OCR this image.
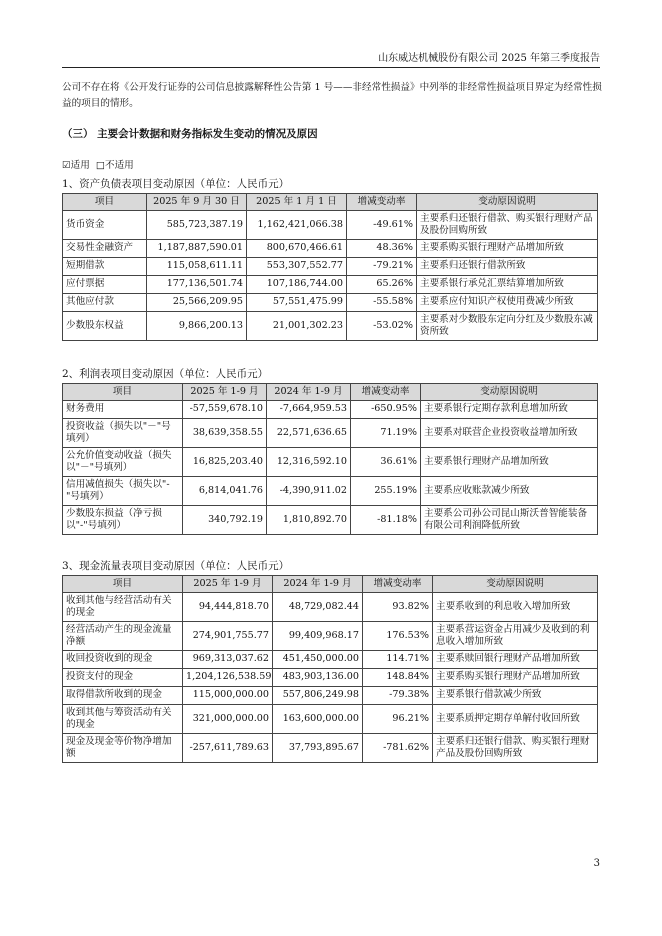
山东威达机械股份有限公司 2025 年第三季度报告
公司不存在将《公开发行证券的公司信息披露解释性公告第 1 号——非经常性损益》中列举的非经常性损益项目界定为经常性损益的项目的情形。
（三） 主要会计数据和财务指标发生变动的情况及原因
☑适用 □不适用
1、资产负债表项目变动原因（单位：人民币元）
项目	2025 年 9 月 30 日	2025 年 1 月 1 日	增减变动率	变动原因说明
货币资金	585,723,387.19	1,162,421,066.38	-49.61%	主要系归还银行借款、购买银行理财产品及股份回购所致
交易性金融资产	1,187,887,590.01	800,670,466.61	48.36%	主要系购买银行理财产品增加所致
短期借款	115,058,611.11	553,307,552.77	-79.21%	主要系归还银行借款所致
应付票据	177,136,501.74	107,186,744.00	65.26%	主要系银行承兑汇票结算增加所致
其他应付款	25,566,209.95	57,551,475.99	-55.58%	主要系应付知识产权使用费减少所致
少数股东权益	9,866,200.13	21,001,302.23	-53.02%	主要系对少数股东定向分红及少数股东减资所致
2、利润表项目变动原因（单位：人民币元）
项目	2025 年 1-9 月	2024 年 1-9 月	增减变动率	变动原因说明
财务费用	-57,559,678.10	-7,664,959.53	-650.95%	主要系银行定期存款利息增加所致
投资收益（损失以"－"号填列）	38,639,358.55	22,571,636.65	71.19%	主要系对联营企业投资收益增加所致
公允价值变动收益（损失以"－"号填列）	16,825,203.40	12,316,592.10	36.61%	主要系银行理财产品增加所致
信用减值损失（损失以"-"号填列）	6,814,041.76	-4,390,911.02	255.19%	主要系应收账款减少所致
少数股东损益（净亏损以"-"号填列）	340,792.19	1,810,892.70	-81.18%	主要系公司孙公司昆山斯沃普智能装备有限公司利润降低所致
3、现金流量表项目变动原因（单位：人民币元）
项目	2025 年 1-9 月	2024 年 1-9 月	增减变动率	变动原因说明
收到其他与经营活动有关的现金	94,444,818.70	48,729,082.44	93.82%	主要系收到的利息收入增加所致
经营活动产生的现金流量净额	274,901,755.77	99,409,968.17	176.53%	主要系营运资金占用减少及收到的利息收入增加所致
收回投资收到的现金	969,313,037.62	451,450,000.00	114.71%	主要系赎回银行理财产品增加所致
投资支付的现金	1,204,126,538.59	483,903,136.00	148.84%	主要系购买银行理财产品增加所致
取得借款所收到的现金	115,000,000.00	557,806,249.98	-79.38%	主要系银行借款减少所致
收到其他与筹资活动有关的现金	321,000,000.00	163,600,000.00	96.21%	主要系质押定期存单解付收回所致
现金及现金等价物净增加额	-257,611,789.63	37,793,895.67	-781.62%	主要系归还银行借款、购买银行理财产品及股份回购所致
3
